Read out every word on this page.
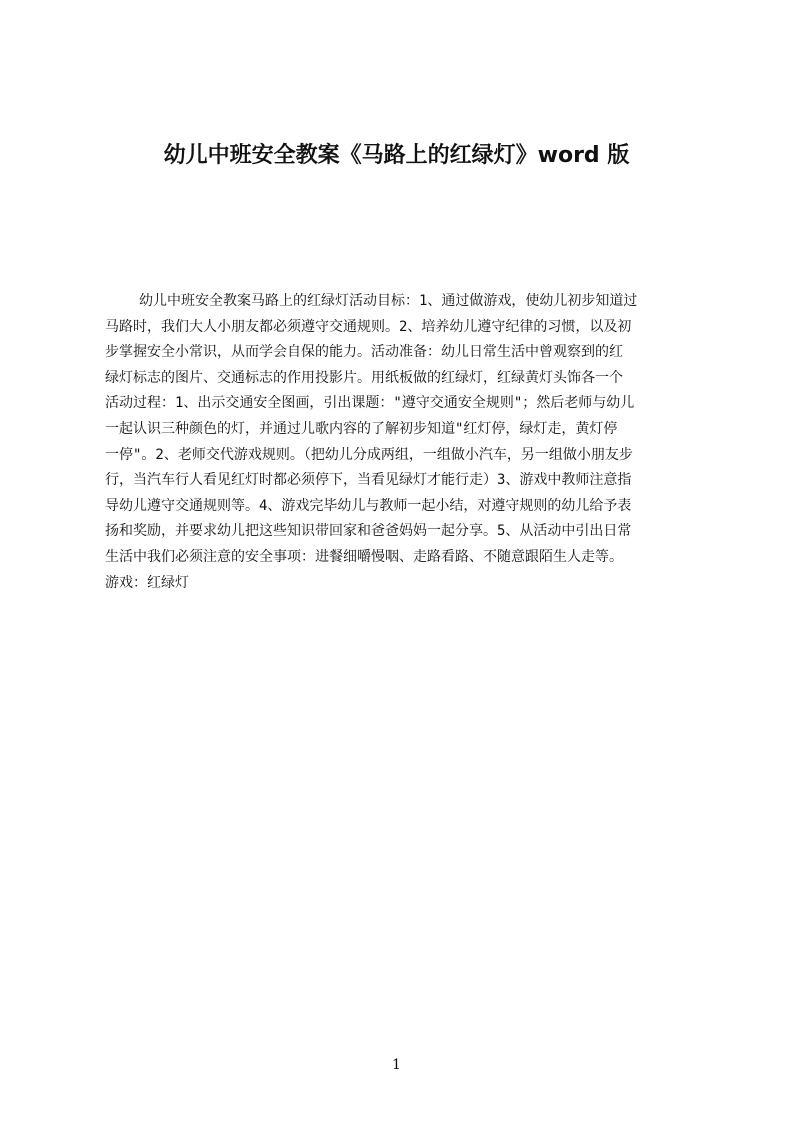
幼儿中班安全教案《马路上的红绿灯》word 版
幼儿中班安全教案马路上的红绿灯活动目标：1、通过做游戏，使幼儿初步知道过
马路时，我们大人小朋友都必须遵守交通规则。2、培养幼儿遵守纪律的习惯，以及初
步掌握安全小常识，从而学会自保的能力。活动准备：幼儿日常生活中曾观察到的红
绿灯标志的图片、交通标志的作用投影片。用纸板做的红绿灯，红绿黄灯头饰各一个
活动过程：1、出示交通安全图画，引出课题："遵守交通安全规则"；然后老师与幼儿
一起认识三种颜色的灯，并通过儿歌内容的了解初步知道"红灯停，绿灯走，黄灯停
一停"。2、老师交代游戏规则。（把幼儿分成两组，一组做小汽车，另一组做小朋友步
行，当汽车行人看见红灯时都必须停下，当看见绿灯才能行走）3、游戏中教师注意指
导幼儿遵守交通规则等。4、游戏完毕幼儿与教师一起小结，对遵守规则的幼儿给予表
扬和奖励，并要求幼儿把这些知识带回家和爸爸妈妈一起分享。5、从活动中引出日常
生活中我们必须注意的安全事项：进餐细嚼慢咽、走路看路、不随意跟陌生人走等。
游戏：红绿灯
1
